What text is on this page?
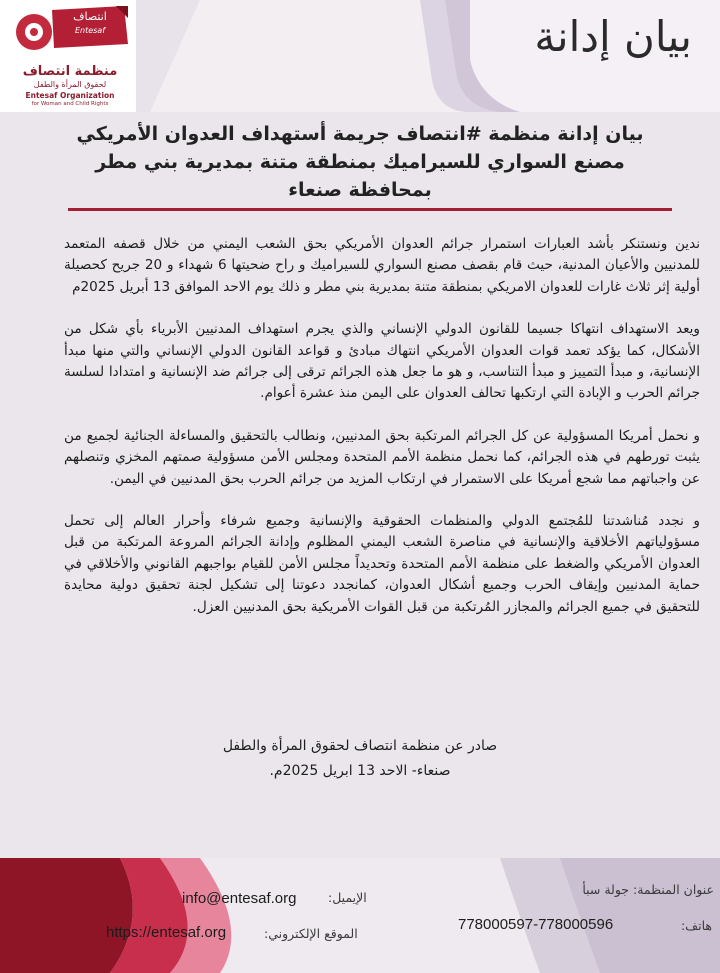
انتصاف
Entesaf
منظمة انتصاف
لحقوق المرأة والطفل
Entesaf Organization
for Woman and Child Rights
بيان إدانة
بيان إدانة منظمة #انتصاف جريمة أستهداف العدوان الأمريكي مصنع السواري للسيراميك بمنطقة متنة بمديرية بني مطر بمحافظة صنعاء

ندين ونستنكر بأشد العبارات استمرار جرائم العدوان الأمريكي بحق الشعب اليمني من خلال قصفه المتعمد للمدنيين والأعيان المدنية، حيث قام بقصف مصنع السواري للسيراميك و راح ضحيتها 6 شهداء و 20 جريح كحصيلة أولية إثر ثلاث غارات للعدوان الامريكي بمنطقة متنة بمديرية بني مطر و ذلك يوم الاحد الموافق 13 أبريل 2025م

ويعد الاستهداف انتهاكا جسيما للقانون الدولي الإنساني والذي يجرم استهداف المدنيين الأبرياء بأي شكل من الأشكال، كما يؤكد تعمد قوات العدوان الأمريكي انتهاك مبادئ و قواعد القانون الدولي الإنساني والتي منها مبدأ الإنسانية، و مبدأ التمييز و مبدأ التناسب، و هو ما جعل هذه الجرائم ترقى إلى جرائم ضد الإنسانية و امتدادا لسلسة جرائم الحرب و الإبادة التي ارتكبها تحالف العدوان على اليمن منذ عشرة أعوام.

و نحمل أمريكا المسؤولية عن كل الجرائم المرتكبة بحق المدنيين، ونطالب بالتحقيق والمساءلة الجنائية لجميع من يثبت تورطهم في هذه الجرائم، كما نحمل منظمة الأمم المتحدة ومجلس الأمن مسؤولية صمتهم المخزي وتنصلهم عن واجباتهم مما شجع أمريكا على الاستمرار في ارتكاب المزيد من جرائم الحرب بحق المدنيين في اليمن.

و نجدد مُناشدتنا للمُجتمع الدولي والمنظمات الحقوقية والإنسانية وجميع شرفاء وأحرار العالم إلى تحمل مسؤولياتهم الأخلاقية والإنسانية في مناصرة الشعب اليمني المظلوم وإدانة الجرائم المروعة المرتكبة من قبل العدوان الأمريكي والضغط على منظمة الأمم المتحدة وتحديداً مجلس الأمن للقيام بواجبهم القانوني والأخلاقي في حماية المدنيين وإيقاف الحرب وجميع أشكال العدوان، كمانجدد دعوتنا إلى تشكيل لجنة تحقيق دولية محايدة للتحقيق في جميع الجرائم والمجازر المُرتكبة من قبل القوات الأمريكية بحق المدنيين العزل.

صادر عن منظمة انتصاف لحقوق المرأة والطفل
صنعاء- الاحد 13 ابريل 2025م.
عنوان المنظمة: جولة سبأ
هاتف:
778000597-778000596
الإيميل:
info@entesaf.org
الموقع الإلكتروني:
https://entesaf.org
